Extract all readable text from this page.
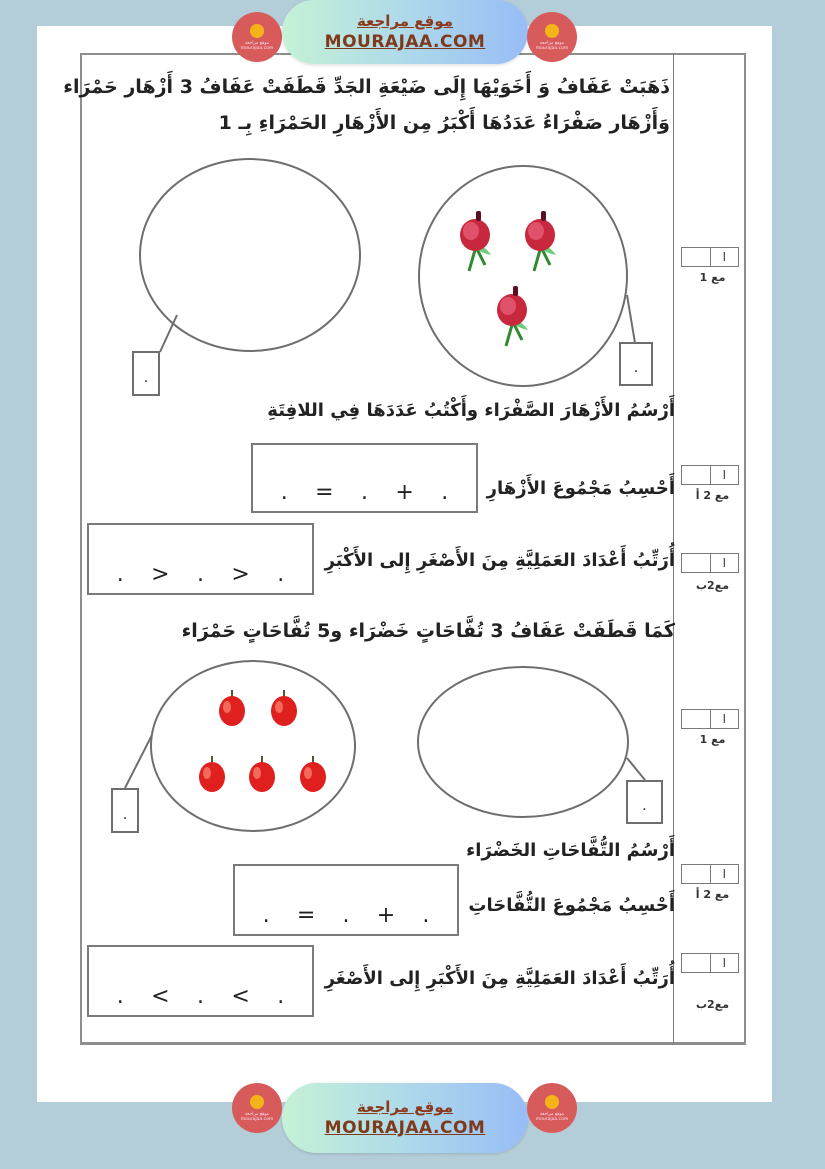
موقع مراجعة
mourajaa.com
موقع مراجعة
MOURAJAA.COM	موقع مراجعة
mourajaa.com
ذَهَبَتْ عَفَافُ وَ أَخَوَيْهَا إِلَى ضَيْعَةِ الجَدِّ قَطَفَتْ عَفَافُ 3 أَزْهَار حَمْرَاء
وَأَزْهَار صَفْرَاءُ عَدَدُهَا أَكْبَرُ مِن الأَزْهَارِ الحَمْرَاءِ بِـ 1
.
.
أَرْسُمُ الأَزْهَارَ الصَّفْرَاء وأَكْتُبُ عَدَدَهَا فِي اللافِتَةِ
أَحْسِبُ مَجْمُوعَ الأَزْهَارِ
. = . + .
أُرَتِّبُ أَعْدَادَ العَمَلِيَّةِ مِنَ الأَصْغَرِ إِلى الأَكْبَرِ
. > . > .
كَمَا قَطَفَتْ عَفَافُ 3 تُفَّاحَاتٍ خَضْرَاء و5 تُفَّاحَاتٍ حَمْرَاء
.
.
أَرْسُمُ التُّفَّاحَاتِ الخَضْرَاء
أَحْسِبُ مَجْمُوعَ التُّفَّاحَاتِ
. = . + .
أُرَتِّبُ أَعْدَادَ العَمَلِيَّةِ مِنَ الأَكْبَرِ إِلى الأَصْغَرِ
. < . < .
ا
مع 1
ا
مع 2 أ
ا
مع2ب
ا
مع 1
ا
مع 2 أ
ا
مع2ب
موقع مراجعة
mourajaa.com
موقع مراجعة
MOURAJAA.COM
موقع مراجعة
mourajaa.com
